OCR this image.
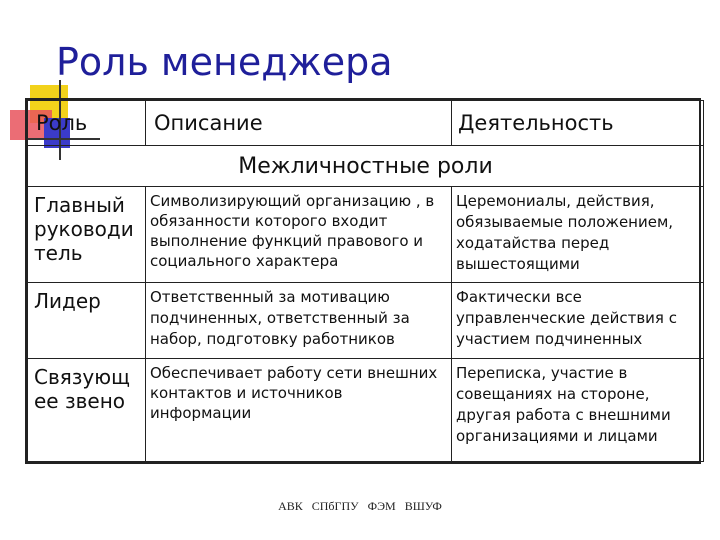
Роль менеджера
Роль	Описание	Деятельность
Межличностные роли		
Главный руководи тель	Символизирующий организацию , в обязанности которого входит выполнение функций правового и социального характера	Церемониалы, действия, обязываемые положением, ходатайства перед вышестоящими
Лидер	Ответственный за мотивацию подчиненных, ответственный за набор, подготовку работников	Фактически все управленческие действия с участием подчиненных
Связующ ее звено	Обеспечивает работу сети внешних контактов и источников информации	Переписка, участие в совещаниях на стороне, другая работа с внешними организациями и лицами
АВК СПбГПУ ФЭМ ВШУФ
